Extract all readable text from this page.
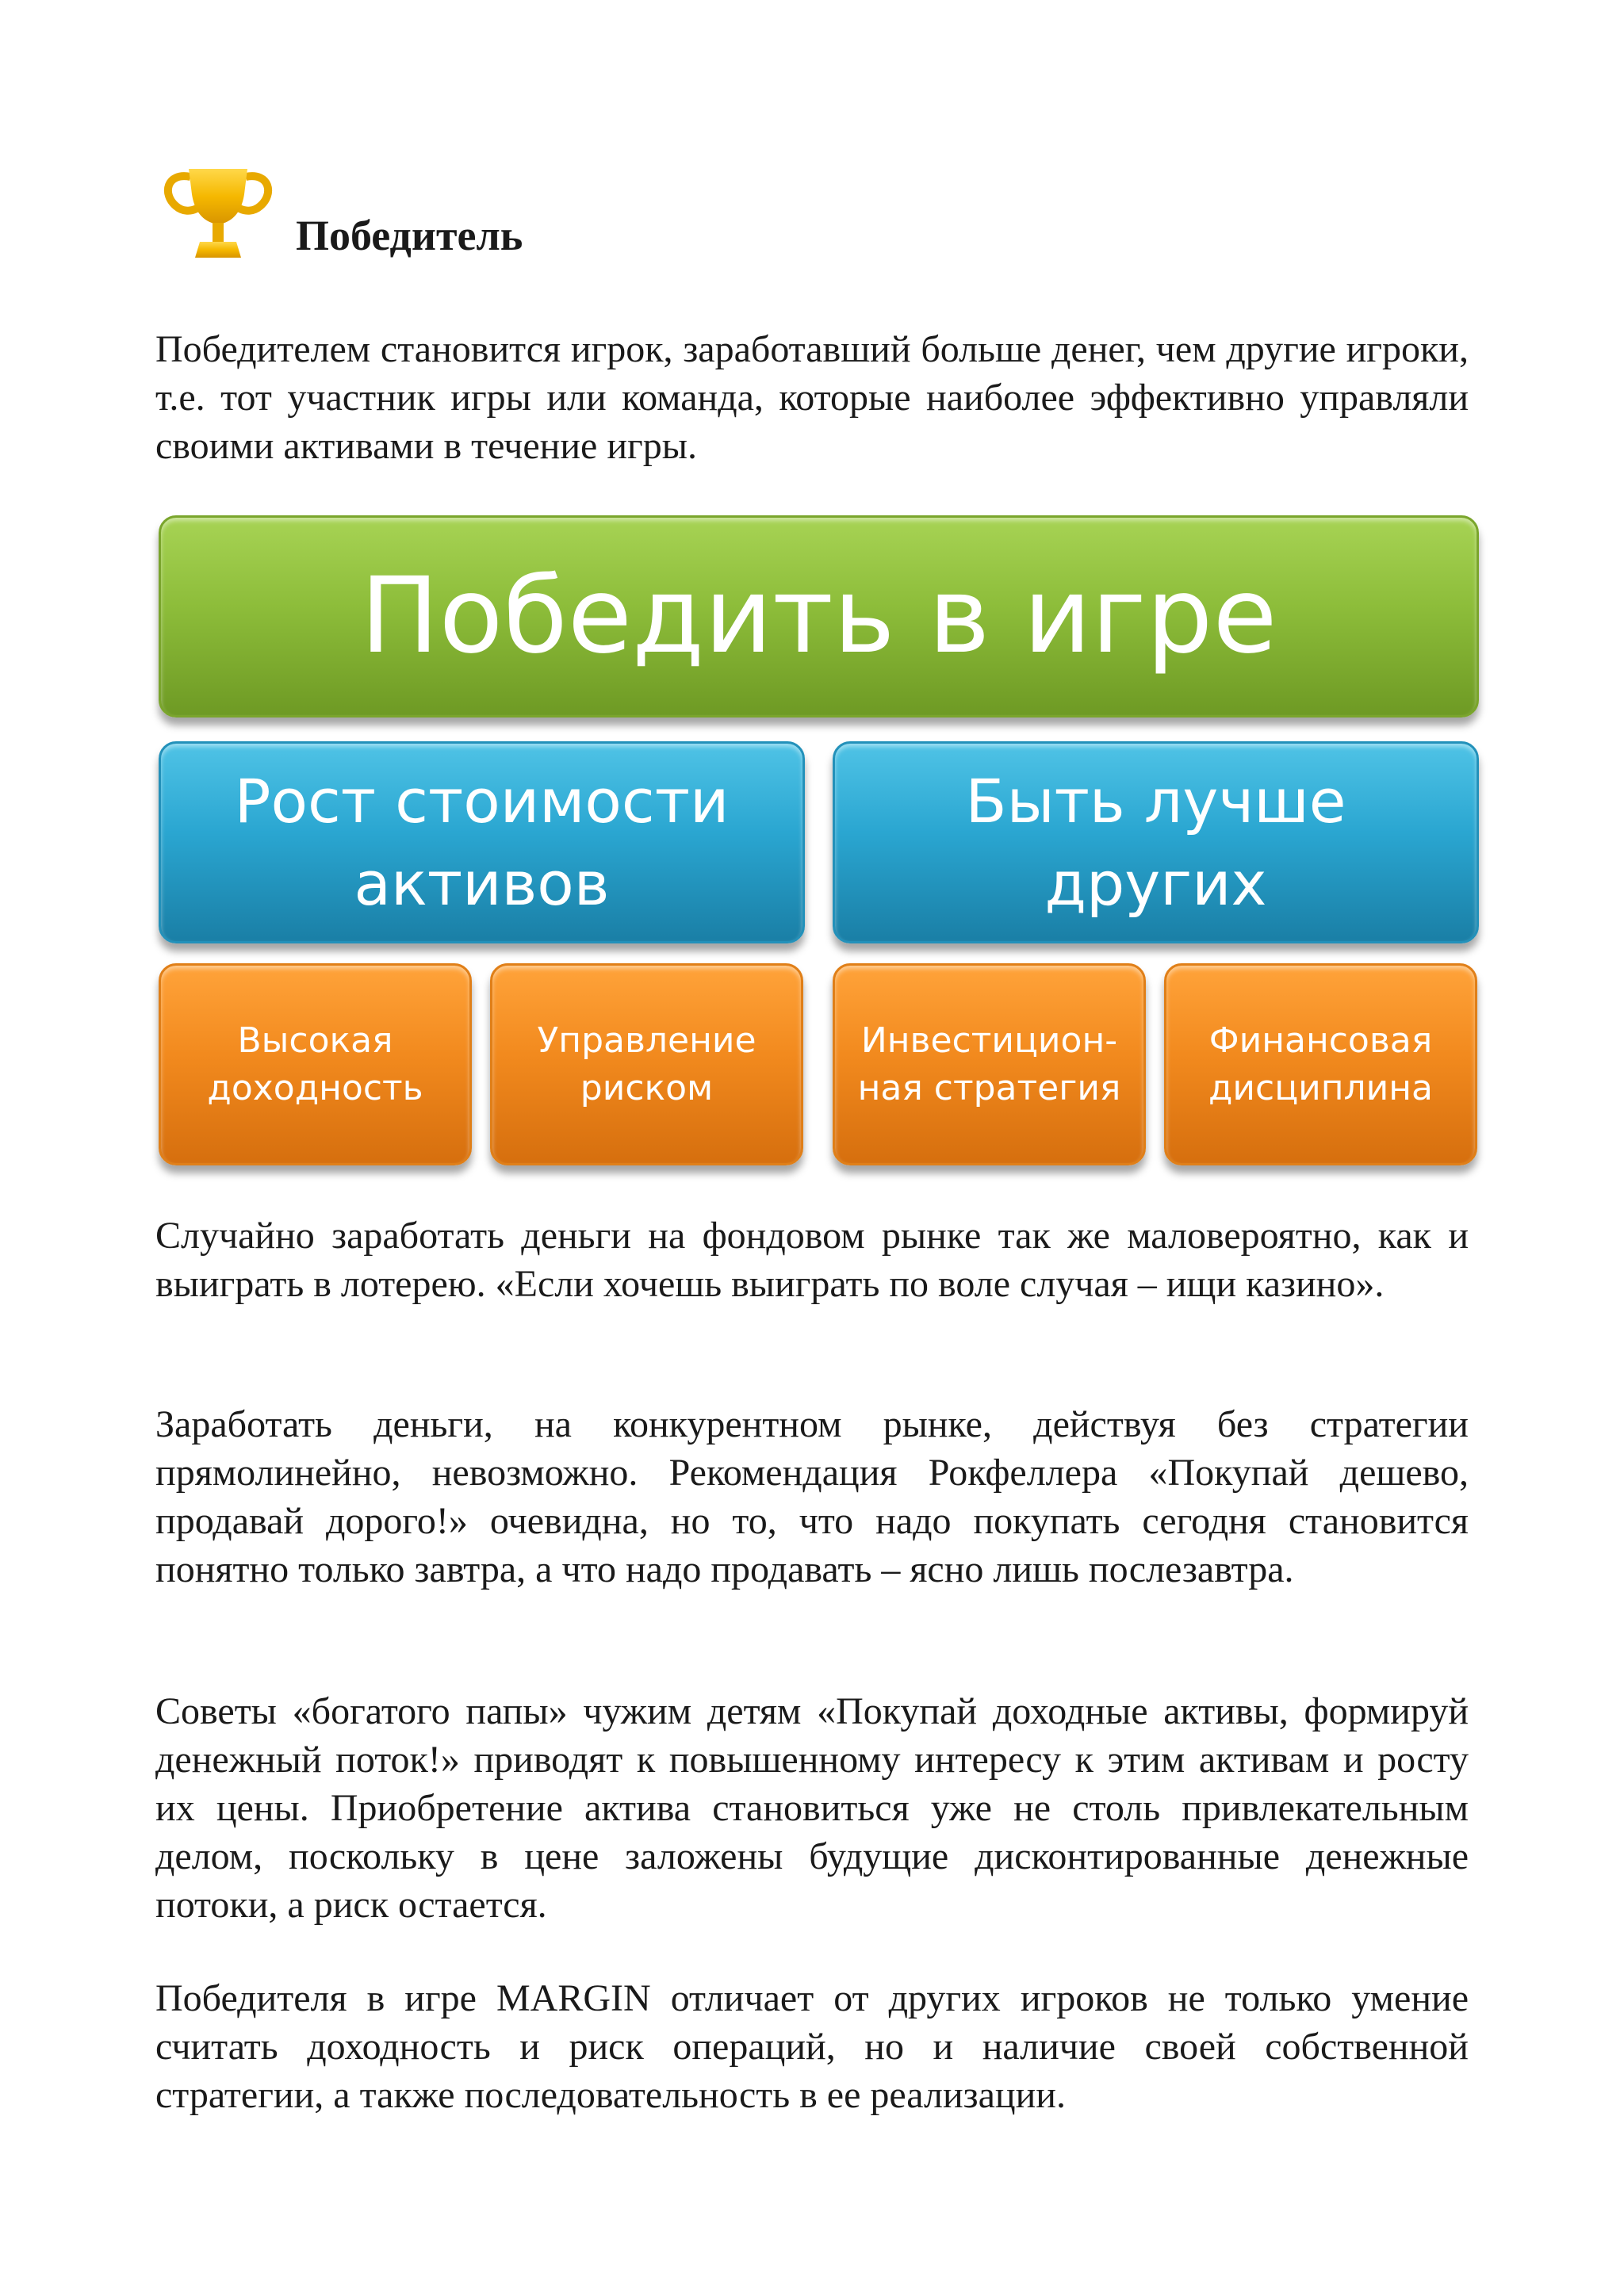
Победитель
Победителем становится игрок, заработавший больше денег, чем другие игроки, т.е. тот участник игры или команда, которые наиболее эффективно управляли своими активами в течение игры.
Победить в игре
Рост стоимости
активов
Быть лучше
других
Высокая
доходность
Управление
риском
Инвестицион-
ная стратегия
Финансовая
дисциплина
Случайно заработать деньги на фондовом рынке так же маловероятно, как и выиграть в лотерею. «Если хочешь выиграть по воле случая – ищи казино».
Заработать деньги, на конкурентном рынке, действуя без стратегии прямолинейно, невозможно. Рекомендация Рокфеллера «Покупай дешево, продавай дорого!» очевидна, но то, что надо покупать сегодня становится понятно только завтра, а что надо продавать – ясно лишь послезавтра.
Советы «богатого папы» чужим детям «Покупай доходные активы, формируй денежный поток!» приводят к повышенному интересу к этим активам и росту их цены. Приобретение актива становиться уже не столь привлекательным делом, поскольку в цене заложены будущие дисконтированные денежные потоки, а риск остается.
Победителя в игре MARGIN отличает от других игроков не только умение считать доходность и риск операций, но и наличие своей собственной стратегии, а также последовательность в ее реализации.
